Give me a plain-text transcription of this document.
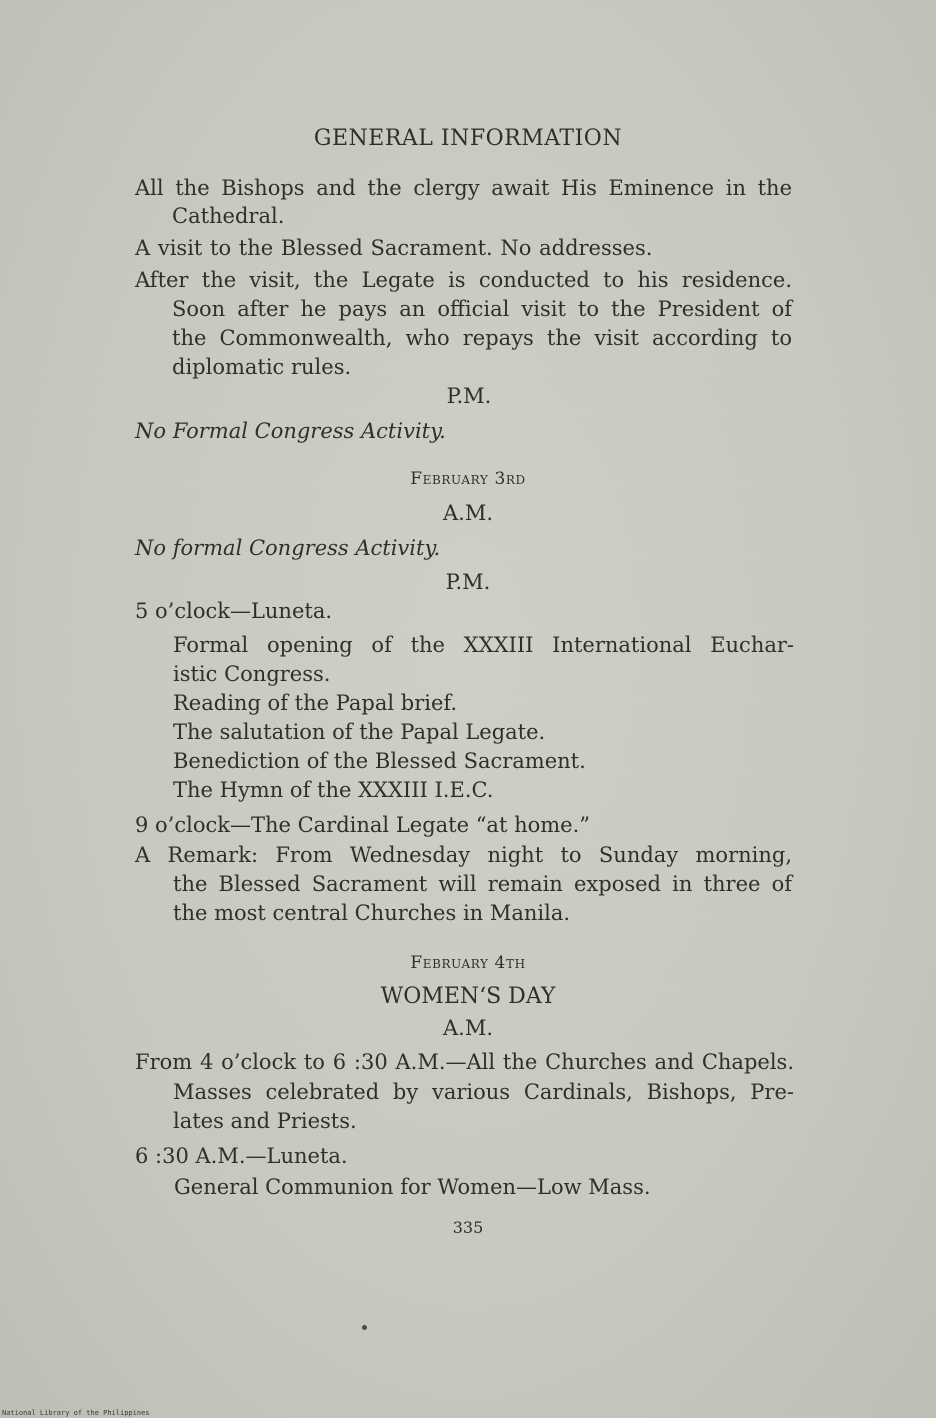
GENERAL INFORMATION
All the Bishops and the clergy await His Eminence in the
Cathedral.
A visit to the Blessed Sacrament. No addresses.
After the visit, the Legate is conducted to his residence.
Soon after he pays an official visit to the President of
the Commonwealth, who repays the visit according to
diplomatic rules.
P.M.
No Formal Congress Activity.
February 3rd
A.M.
No formal Congress Activity.
P.M.
5 o’clock—Luneta.
Formal opening of the XXXIII International Euchar-
istic Congress.
Reading of the Papal brief.
The salutation of the Papal Legate.
Benediction of the Blessed Sacrament.
The Hymn of the XXXIII I.E.C.
9 o’clock—The Cardinal Legate “at home.”
A Remark: From Wednesday night to Sunday morning,
the Blessed Sacrament will remain exposed in three of
the most central Churches in Manila.
February 4th
WOMEN‘S DAY
A.M.
From 4 o’clock to 6 :30 A.M.—All the Churches and Chapels.
Masses celebrated by various Cardinals, Bishops, Pre-
lates and Priests.
6 :30 A.M.—Luneta.
General Communion for Women—Low Mass.
335
National Library of the Philippines
